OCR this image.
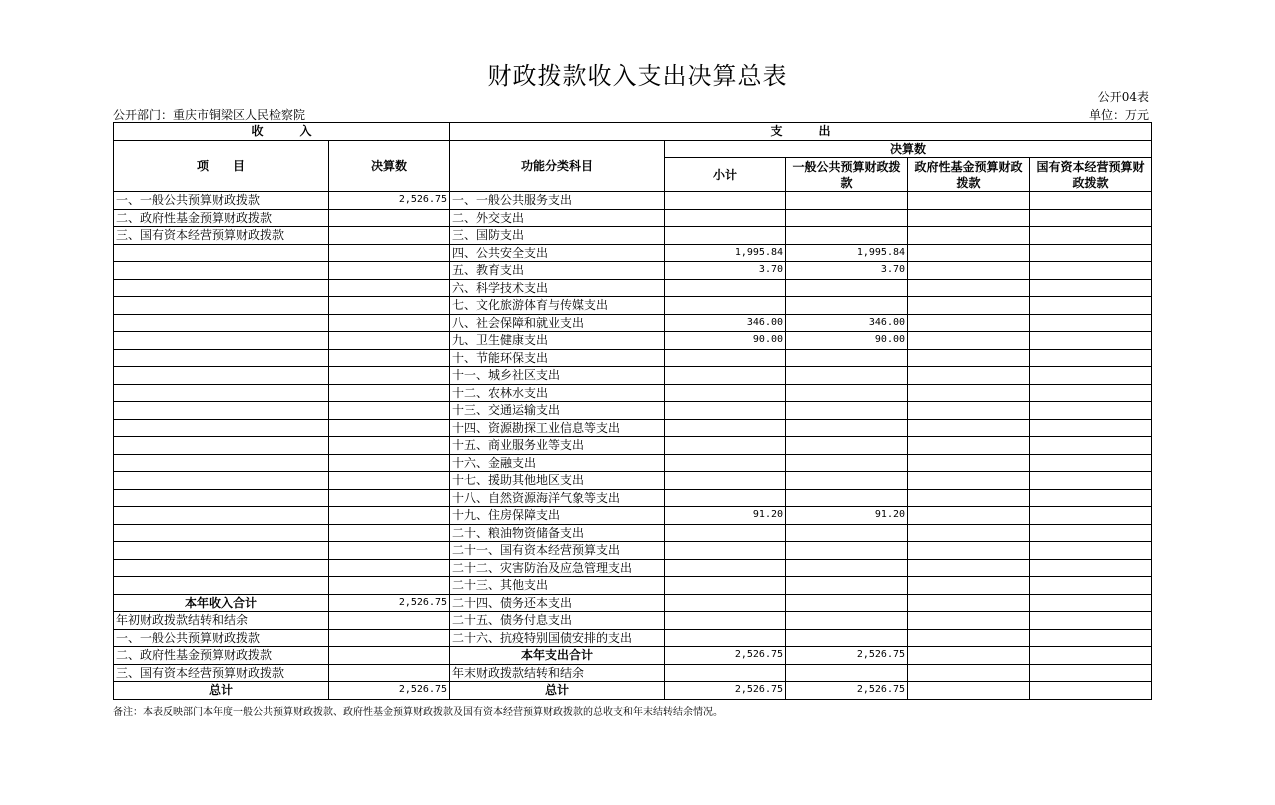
财政拨款收入支出决算总表
公开04表
公开部门：重庆市铜梁区人民检察院	单位：万元
收　　　入		支　　　出				
项　　目	决算数	功能分类科目	决算数			
			小计	一般公共预算财政拨款	政府性基金预算财政拨款	国有资本经营预算财政拨款
一、一般公共预算财政拨款	2,526.75	一、一般公共服务支出				
二、政府性基金预算财政拨款		二、外交支出				
三、国有资本经营预算财政拨款		三、国防支出				
		四、公共安全支出	1,995.84	1,995.84		
		五、教育支出	3.70	3.70		
		六、科学技术支出				
		七、文化旅游体育与传媒支出				
		八、社会保障和就业支出	346.00	346.00		
		九、卫生健康支出	90.00	90.00		
		十、节能环保支出				
		十一、城乡社区支出				
		十二、农林水支出				
		十三、交通运输支出				
		十四、资源勘探工业信息等支出				
		十五、商业服务业等支出				
		十六、金融支出				
		十七、援助其他地区支出				
		十八、自然资源海洋气象等支出				
		十九、住房保障支出	91.20	91.20		
		二十、粮油物资储备支出				
		二十一、国有资本经营预算支出				
		二十二、灾害防治及应急管理支出				
		二十三、其他支出				
本年收入合计	2,526.75	二十四、债务还本支出				
年初财政拨款结转和结余		二十五、债务付息支出				
一、一般公共预算财政拨款		二十六、抗疫特别国债安排的支出				
二、政府性基金预算财政拨款		本年支出合计	2,526.75	2,526.75		
三、国有资本经营预算财政拨款		年末财政拨款结转和结余				
总计	2,526.75	总计	2,526.75	2,526.75		
备注：本表反映部门本年度一般公共预算财政拨款、政府性基金预算财政拨款及国有资本经营预算财政拨款的总收支和年末结转结余情况。
